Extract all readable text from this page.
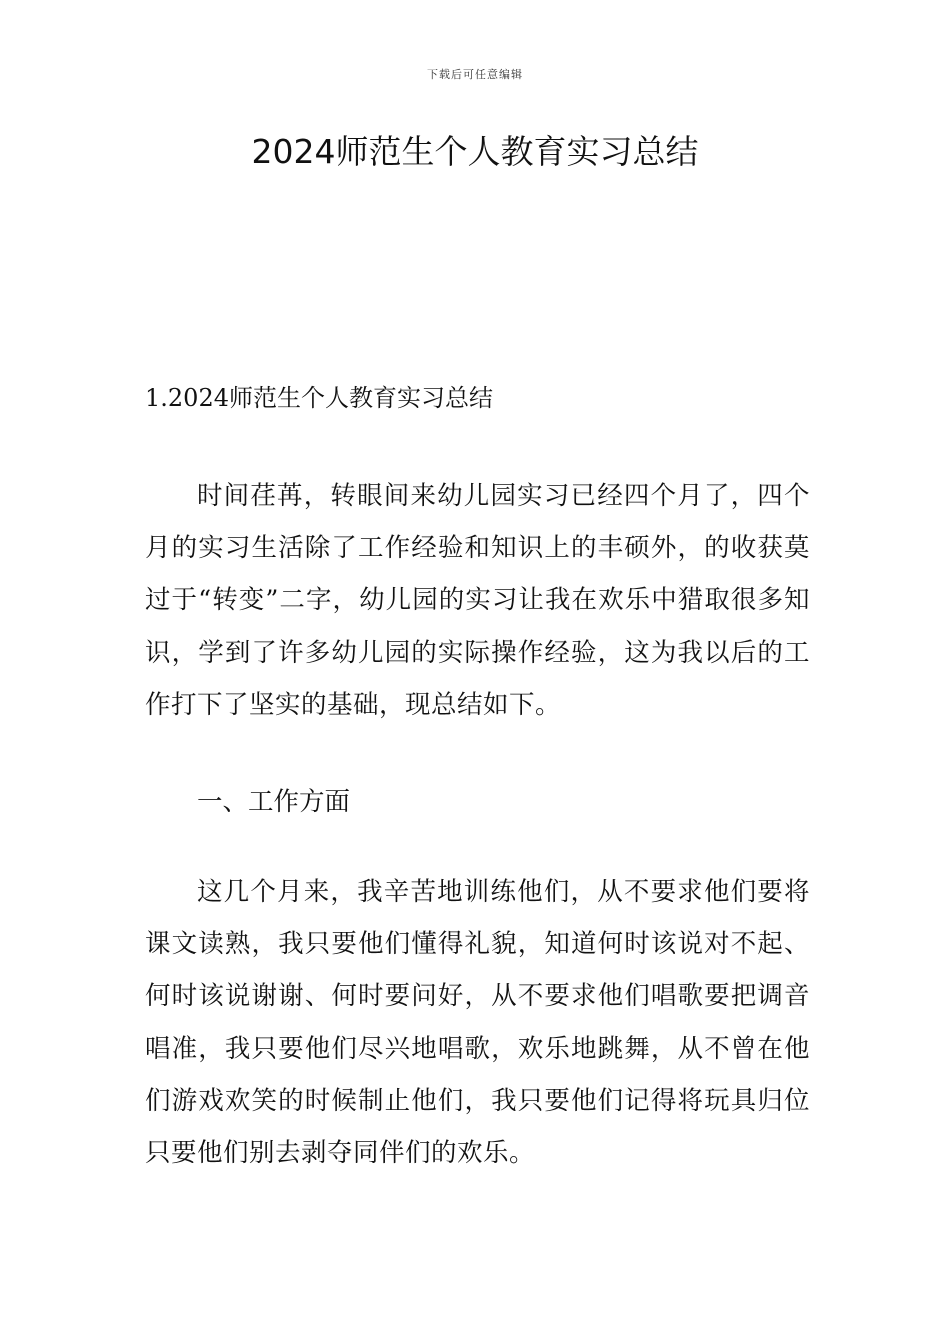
下载后可任意编辑
2024师范生个人教育实习总结

1.2024师范生个人教育实习总结

时间荏苒，转眼间来幼儿园实习已经四个月了，四个月的实习生活除了工作经验和知识上的丰硕外，的收获莫过于“转变”二字，幼儿园的实习让我在欢乐中猎取很多知识，学到了许多幼儿园的实际操作经验，这为我以后的工作打下了坚实的基础，现总结如下。

一、工作方面

这几个月来，我辛苦地训练他们，从不要求他们要将课文读熟，我只要他们懂得礼貌，知道何时该说对不起、何时该说谢谢、何时要问好，从不要求他们唱歌要把调音唱准，我只要他们尽兴地唱歌，欢乐地跳舞，从不曾在他们游戏欢笑的时候制止他们，我只要他们记得将玩具归位只要他们别去剥夺同伴们的欢乐。
